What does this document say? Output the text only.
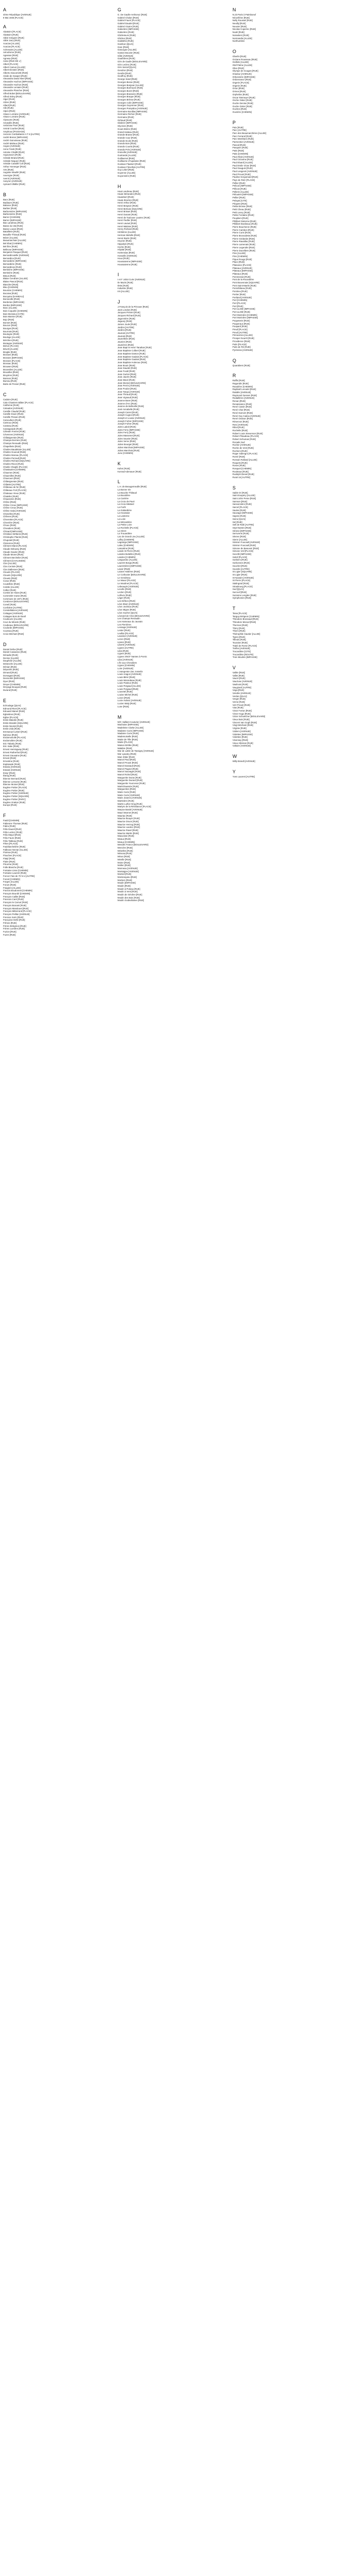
A
4ème République [AVENUE]
8 Mai 1945 [PLACE]
A
Abattoirs [PLACE]
Abattoirs [RUE]
Abbé Grégoire [RUE]
Abbé Jarry [RUE]
Acacias [ALLEE]
Acacias [PLACE]
Achenaies [ALLEE]
Aérodrome [RUE]
Agassas [RUE]
Agneau [RUE]
Aisne [RUE DE L']
Albert [PLACE]
Albert Camus [ALLEE]
Albert Einstein [RUE]
Alberto Giacometti [RUE]
Alcide de Gasperi [RUE]
Alexandra David Neel [RUE]
Alexandre Huchon [IMPASSE]
Alexandre Huchon [RUE]
Alexandre Lemaire [RUE]
Alexandre Plancher [RUE]
Alfred Bobet [BOULEVARD]
Alfred Sisley [RUE]
Alger [RUE]
Alizes [RUE]
Allard [RUE]
Alle [RUE]
Alpes [RUE]
Alsace Lorraine [AVENUE]
Alsace Lorraine [RUE]
Alyssums [RUE]
Amaryllis [RUE]
Ambroise Paré [RUE]
Amiral Courbet [RUE]
Amphoux [PASSAGE]
Anciens Combattants A F N [AUTRE]
André Breton [IMPASSE]
André Guinoiseau [RUE]
André Malraux [RUE]
Anges [AVENUE]
Anne Frank [RUE]
Antoine Chaillé [RUE]
Argouseurs [RUE]
Aristide Briand [RUE]
Aristide Neguez [RUE]
Aristide Cavaillé Coll [RUE]
Arthur Honneger [RUE]
Arts [RUE]
Auguste Mouillé [RUE]
Auvergne [RUE]
Avenir [AVENUE]
Aveyron [AVENUE]
Aymard Villaflor [RUE]
B
Bacs [RUE]
Badiaure [RUE]
Balance [RUE]
Barbier [RUE]
Barbonnière [IMPASSE]
Barbonnière [RUE]
Barrez [CHEMIN]
Barrez [IMPASSE]
Bas Landreau [RUE]
Basse du Vat [RUE]
Basse Louvie [RUE]
Bataillerie [RUE]
Beaufils-Thiraud [RUE]
Béarn [ALLEE]
Beaumarchais [ALLEE]
Bel Ebat [CHEMIN]
Bel Être [RUE]
Bellevue [IMPASSE]
Benjamin Pasquet [RUE]
Bernardinvieille [AVENUE]
Bernardino [RUE]
Bernardière [IMPASSE]
Bernardière [RUE]
Bernardines [RUE]
Bertinière [IMPASSE]
Bertinière [RUE]
Bitous [RUE]
Blaise Cendrars [ALLEE]
Blaise Pascal [RUE]
Blanchet [RUE]
Bleu [CHEMIN]
Bourdon [CHEMIN]
Bocaiva [RUE]
Bocquine [HAMEAU]
Bonneville [RUE]
Borderies [IMPASSE]
Bordes [IMPASSE]
Bosc [ALLEE]
Bois Coquelin [CHEMIN]
Bois Monsieur [CITE]
Bois Marnier [RUE]
Bojo [RUE]
Bonnet [RUE]
Boucon [RUE]
Bourges [RUE]
Bournais [RUE]
Boutogne [RUE]
Bouloge [ALLEE]
Bréchien [RUE]
Bretagne [AVENUE]
Briève [PLACE]
Brivelt [ALLEE]
Broglie [RUE]
Brosses [RUE]
Brosses [IMPASSE]
Brosses [PLACE]
Brossac [RUE]
Brouwes [RUE]
Brunetière [ALLEE]
Bruxelles [RUE]
Bruyères [RUE]
Buisson [RUE]
Bureau [RUE]
Butte de Pressé [RUE]
C
Cadoire [RUE]
Cale Chantiers Bâtier [PLACE]
Californie [RUE]
Calvados [AVENUE]
Camille Claudel [RUE]
Camille Douin [RUE]
Camille Pissaro [RUE]
Camoufiers [RUE]
Cartroux [RUE]
Casteau [RUE]
Cassagnade [RUE]
Célestin Freinet [RUE]
Cévennes [AVENUE]
Châtaigneraie [RUE]
Champs-Derriere [RUE]
Champs Renaudin [RUE]
Chapellerie [RUE]
Charles Baudelaire [ALLEE]
Charles Gounod [RUE]
Charles Moreau [PLACE]
Charles Perrault [RUE]
Charles Richard [SQUARE]
Charles Rivon [RUE]
Charlie Chaplin [PLACE]
Chastauries [CHEMIN]
Chaumes [RUE]
Chaumilles [RUE]
Chavroum [RUE]
Châteigneraie [RUE]
Châtelet [AUTRE]
Châteaux de fer [RUE]
Châteaux Fort [PLACE]
Chateaux Vieux [RUE]
Chatelier [RUE]
Chaussées [RUE]
Chêne [RUE]
Chêne Creux [IMPASSE]
Chêne Creux [RUE]
Chêne Gala [AVENUE]
Chenelles [RUE]
Chêvres [RUE]
Chevrettes [PLACE]
Chevrière [RUE]
Choux [RUE]
Chevaliers [RUE]
Chinard [IMPASSE]
Christian Stéfanini [RUE]
Christophe Plantin [RUE]
Chupoteil [RUE]
Cloisonne [RUE]
Clément Marot [PLACE]
Claude Debussy [RUE]
Claude Gaulon [RUE]
Claude Monet [RUE]
Clément Bechelier [RUE]
Clément [CHAUSSEE]
Clos [ALLEE]
Clos Cerisée [RUE]
Clos Dallesnes [RUE]
Clouets [PLACE]
Clouets [SQUARE]
Clouets [RUE]
Coeur [RUE]
Coutelbrie [RUE]
Colette [ALLEE]
Collier [RUE]
Combe de Haies [RUE]
Commelet Vuese [RUE]
Commune de 1871 [RUE]
Condorcet [BOULEVARD]
Coneil [RUE]
Confolent [AUTRE]
Constellations [AVENUE]
Cottages [AVENUE]
Cottages Bois de Reall
Couleuvre [ALLEE]
Cour du Miracle [RUE]
Coubeaux [BOULEVARD]
Coulorde [IMPASSE]
Cuvesau [RUE]
Croix Méchant [RUE]
D
Daniel Defoe [RUE]
Daniel Cassanne [RUE]
Dénadie [RUE]
Denise [ALLEE]
Dauphiné [ALLEE]
Delaroche [ALLEE]
Dénian [RUE]
Déportés [RUE]
Dirnand [RUE]
Domagant [RUE]
Desmothé [IMPASSE]
Dyve [RUE]
Dreyer [CHEMIN]
Dreyage Bouquis [RUE]
Durand [RUE]
E
Echoulage [QUAI]
Edmond Rivet [PLACE]
Edouard Manet [RUE]
Eglantines [RUE]
Eglise [PLACE]
Emile Blandin [RUE]
Emile Brandin [SQUARE]
Emile Nicolet [RUE]
Emile Zola [RUE]
Emmanuel Lebert [RUE]
Epineux [RUE]
Endomoniolle [PLACE]
Endomolière [RUE]
Eric Tabarly [RUE]
Eric Satie [RUE]
Ernest Hemingway [RUE]
Ernest Rutherford [RUE]
Ernest Gauvaine [RUE]
Ernest [RUE]
Ernestine [RUE]
Esplanade [RUE]
Estaria [AVENUE]
Estaral [AVENUE]
Essyr [RUE]
Étang [RUE]
Étienne Bernard [RUE]
Étienne Lemoine [RUE]
Étienne Moinet [RUE]
Eugène Pottier [PLACE]
Eugène Pottier [RUE]
Eugène Pottier [AVENUE]
Eugène Pottier [SQUARE]
Eugène Pottier [PARC]
Eugène Gratton [RUE]
Europe [RUE]
F
Faubl [CHEMIN]
Fabienne Thomas [RUE]
Fabru [RUE]
Félix Daurel [RUE]
Félix Leclerc [RUE]
Félix Mayol [RUE]
Félix Faure [RUE]
Félix Tableau [RUE]
Fêtes [PLACE]
Faubliarchelière [RUE]
Falbruse Nectar [ALLEE]
Florisse [RUE]
Flouches [PLACE]
Flatyl [RUE]
Flaire [RUE]
Flicorine [RUE]
Folle Blanche [RUE]
Fontaine Lisse [CHEMIN]
Fontaine Laurent [RUE]
Forcez Fais de 70 N U [AUTRE]
Forest [CHEMIN]
Forges [ALLEE]
Forum [RUE]
Fraigiere [ALLEE]
Francis Boudonnet [CHEMIN]
François Bourdé [CHEMIN]
François Caillet [RUE]
Francois Caré [RUE]
François le Carrué [RUE]
François Bonami [RUE]
François Mandouet [RUE]
François Mitterrand [PLACE]
François Peillan [AVENUE]
Fresnos Sorin [RUE]
Françoise Delle [RUE]
Frênes [RUE]
Frères Briégmon [RUE]
Frères Lumière [RUE]
Fuzion [RUE]
Fuzes [RUE]
G
G. De Gaulle-Anthonoz [RUE]
Gabriel Chalon [RUE]
Gabriel Fauré [PLACE]
Gabriel Daudet [RUE]
Gabriel Vicaire [RUE]
Gaborière [IMPASSE]
Gaborière [RUE]
Gâcheteurs [RUE]
Gâches [RUE]
Gailebihe [RUE]
Gambon [QUAI]
Gare [RUE]
Gascogne [ALLEE]
Gaston Bouvier [RUE]
Gâte [AVENUE]
Gauthières [RUE]
Gén de Gaulle [BOULEVARD]
Gén Leclerc [RUE]
Gén Sarrail [QUAI]
Gendron [RUE]
Genêts [RUE]
Geoffroy [RUE]
George Sand [RUE]
Georges Besse [RUE]
Georges Bonjean [ALLEE]
Georges Bonhoure [RUE]
Georges Bozet [RUE]
Georges Brassens [RUE]
Georges Braque [RUE]
Georges Brésse [RUE]
Georges Colin [IMPASSE]
Georges Guynemer [RUE]
Georges Pompidou [AVENUE]
Germaine Bonillas [IMPASSE]
Germaine Richier [RUE]
Germaine [RUE]
Girbaud [RUE]
Glabrier [IMPASSE]
Glycines [RUE]
Gouin-Brière [RUE]
Grand Haiteau [RUE]
Grande Brasse [RUE]
Grande Cour [RUE]
Grande Ecole [RUE]
Grands Bois [RUE]
Grands Courtis [RUE]
Grands Prés [AVENUE]
Granville [AVENUE]
Guérande [ALLEE]
Guillaumot [RUE]
Guillaume d'Aquitaine [RUE]
Gustave Flaubert [RUE]
Gustave Fièvellois [AUTRE]
Guy Lebel [RUE]
Guyenne [ALLEE]
Guyonnière [RUE]
H
Haut Landreau [RUE]
Haute Mérandes [RUE]
Hautebert [RUE]
Haute Bruères [RUE]
Henri Arthur [RUE]
Henri Bergson [RUE]
Henri Bertuse [SQUARE]
Henri Brisset [RUE]
Henri Dunant [RUE]
Henri de Toulouse Lautrec [RUE]
Henri Fiedler [RUE]
Henri Lavaut [RUE]
Henri Matisse [RUE]
Henry Richard [RUE]
Héritières [ALLEE]
Herman Melville [RUE]
Hervé Bazin [RUE]
Heyzier [RUE]
Hippolyte [RUE]
Hoche [RUE]
Hôpital [RUE]
Hortensias [RUE]
Hosselle [AVENUE]
Houx [RUE]
Houssaienne [IMPASSE]
Houssaienne [RUE]
I
I et F Joliot Curie [AVENUE]
Ile Mazin [RUE]
Iletts [RUE]
Industrie [RUE]
Iris [ALLEE]
J
J.François de la Pérouse [RUE]
Jack London [RUE]
Jacques Prévert [RUE]
Jacques Richard [RUE]
Jagonnière [RUE]
Jaguary [RUE]
James Joule [RUE]
Jardins [AUTRE]
Jardins [RUE]
Jaunais [AUTRE]
Jaunais [RUE]
Jaunellerie [RUE]
Jaunies [RUE]
Jauniéres [RUE]
Jean Bapt et Henri Tanahan [RUE]
Jean Baptiste Colbert [RUE]
Jean Baptiste Danton [RUE]
Jean Baptiste Gaulais [PLACE]
Jean Baptiste Gaulais [RUE]
Jean Baptiste Huleroux [RUE]
Jean Bouin [RUE]
Jean Daudet [RUE]
Jean Fould [RUE]
Jean Guéret [RUE]
Jean Jaurès [RUE]
Jean Macé [RUE]
Jean Monnet [BOULEVARD]
Jean Perrin [AVENUE]
Jean Poulon [RUE]
Jean Tarqui [AVENUE]
Jean Thiraud [RUE]
Jean Vignaud [RUE]
Jeanne Baret [RUE]
Jeanne d'Arc [RUE]
Jeanne de Belleville [RUE]
José Annabelle [RUE]
Joseph Carret [RUE]
Joseph Cugnot [RUE]
Joseph et Louise [AVENUE]
Joseph Fuhrer [IMPASSE]
Joseph Fuhrer [RUE]
Jules Ladoit [RUE]
Jules Ferry [IMPASSE]
Jules Ferry [RUE]
Jules Massenet [RUE]
Jules Sauvier [RUE]
Jules Verne [RUE]
Julien Bourget [RUE]
Julien Marchais [IMPASSE]
Julien Marchais [RUE]
Juno [CHEMIN]
K
Kahm [RUE]
Konrad Adenauer [RUE]
L
L.H. de Beaugerneuille [RUE]
La Bonne Vie
La Bouche Thibaud
La Bourdière
La Carrière
La Croix de Pavé
La Croix Médard
La Forêt
La Gabardière
La Houssaie
La Lanterne
La Loire
La Ménardière
La Petite Loire
La Rochelle [PLACE]
La Sèvre
La Trouardière
Lac de Grand Lieu [ALLEE]
Lafloy [CHEMIN]
Lagrange [IMPASSE]
Laleu [CHEMIN]
Lamartine [RUE]
Lande St Pierre [RUE]
Landes Buttelles [RUE]
Landes [CHEMIN]
Languedoc [ALLEE]
Laurent Borga [RUE]
Laurentières [IMPASSE]
Lavoir [RUE]
Lazare Haberes [RUE]
Le Corbusier [BOULEVARD]
Le Gendreau
Le Mauvi [PLACE]
Le Moulinet [PLACE]
Lebeaupin [AVENUE]
Lecolle [RUE]
Leclerc [RUE]
Lefèvre [RUE]
Léger [RUE]
Les Défees [RUE]
Léon Blum [AVENUE]
Léon Jouhaux [RUE]
Léon Migne [RUE]
Léon Sucher [QUAI]
Léonard de Vinci [BOULEVARD]
Les Champs Renaudin
Les Hameaux du Jaunais
Les Pierrières
Lessage [AVENUE]
Lester [RUE]
Leulliot [PLACE]
Lavoisier [AVENUE]
Lezon [RUE]
Lianes [RUE]
Liberté [AVENUE]
Lignes [AUTRE]
Lilas [RUE]
Lignes [RUE]
Lignes SNCF Nantes à Pornic
Lilas [AVENUE]
L'Île aux Chevaliers
Lignes [CHEMIN]
Loire [AVENUE]
L'orangeraie Zac Josselin
Louis Aragon [AVENUE]
Louis Bléré [RUE]
Louis Morandeau [RUE]
Louis Pasteur [RUE]
Louis Pergaud [ALLEE]
Louis Pergaud [RUE]
Louvetel [RUE]
Louise Michel [RUE]
Lozon [RUE]
Lucie Aubrac [AVENUE]
Lucien Maly [RUE]
Lune [RUE]
M
M/C Vaillant Couturier [AVENUE]
Machaine [IMPASSE]
Madeleine Clarke [ALLEE]
Madame Curie [IMPASSE]
Madame Curie [RUE]
Mademoiselle [RUE]
Mairie de Tille [RUE]
Mairie [PLACE]
Maison Brûlée [RUE]
Malabre [RUE]
Mar de Lattre de Tassigny [AVENUE]
Mar Lyautey [RUE]
Marc Elder [RUE]
Marcel Paul [RUE]
Marcel Proust [RUE]
Marcel Dassault [RUE]
Marcel Pagnol [RUE]
Marcel Sauvaget [RUE]
Marcel Rohrd [RUE]
Marguerite Duras [RUE]
Marguerite Durand [RUE]
Marguerite Yourcenar [RUE]
Maréchaussée [RUE]
Marguerites [RUE]
Marie Curie [RUE]
Marie Curie [AVENUE]
Marie Jeanne [AVENUE]
Martinière [RUE]
Martin Luther King [RUE]
Martyrs de la Résistance [PLACE]
Maryse Bastié [AVENUE]
Mauri Monnet [RUE]
Mauriac [RUE]
Maurice Bouyer [RUE]
Maurice Druon [RUE]
Maurice Herzog [RUE]
Maurice Lautrec [RUE]
Maurice Ravel [RUE]
Maurice Martin [RUE]
Mauvoisie [RUE]
Meaux [RUE]
Meaux [CHEMIN]
Mendès France [BOULEVARD]
Mercière [RUE]
Méselles [RUE]
Mimosa [RUE]
Minos [RUE]
Mireille [RUE]
Moine [RUE]
Mollen [RUE]
Monneau [AVENUE]
Montaigne [AVENUE]
Monteil [RUE]
Montesquieu [RUE]
Mortiers [RUE]
Moulin [IMPASSE]
Moulin [RUE]
Moulin à Poteau [RUE]
Moulin à Vent [RUE]
Moulin de Gévière [RUE]
Moulin des Bois [RUE]
Moulin Godevilaines [RUE]
N
N.23 Paris à Paimboeuf
Néozélène [RUE]
Nelly Roussel [RUE]
Neuilly [RUE]
Neuvier [RUE]
Nicolas Copernic [RUE]
Noah [RUE]
Noisetiers [RUE]
Normandie [ALLEE]
Northumbrie
O
Oberlin [RUE]
Océane Rousseau [RUE]
Oeillets [ALLEE]
Olaf Palme [ALLEE]
Olive [RUE]
Olympe de Gouges [RUE]
Oradour [AVENUE]
Orbonnière [IMPASSE]
Ordonnance [RUE]
Orgerie [PLACE]
Orgerie [RUE]
Orion [RUE]
Ormes [RUE]
Orphelins [RUE]
Oscar Niemeyer [RUE]
Osche Ostier [RUE]
Ouche Denise [RUE]
Ouche Ostier [RUE]
Ouches [RUE]
Ouvrière [CHEMIN]
P
Paix [RUE]
Parc [AUTRE]
Parc des Beaumarchères [ALLEE]
Parc Ferrand [RUE]
Parc Menthare [RUE]
Parmentier [AVENUE]
Pascal [RUE]
Pasquier [RUE]
Patis [RUE]
Patis [CHEMIN]
Paul Allain [AVENUE]
Paul Cézanne [RUE]
Paul Eluard [ALLEE]
Paul Emile Victor [RUE]
Paul Gauguin [RUE]
Paul Langevin [AVENUE]
Paul Proust [RUE]
Pauline Kergomard [RUE]
Pays de Retz [PLACE]
Pellier [RUE]
Pelican [IMPASSE]
Pélican [RUE]
Pellerin [ALLEE]
Pélouées [IMPASSE]
Pellier [RUE]
Pelayat [CITE]
Péquets [RUE]
Petite Brosse [RUE]
Petit Cheau [RUE]
Petit Lancy [RUE]
Petite Fontaine [RUE]
Peupliers [RUE]
Philibert Delorme [RUE]
Philibert Bordeaux [RUE]
Pierre Boucheron [RUE]
Pierre Cambon [RUE]
Pierre Curie [RUE]
Pierre Brossolette [RUE]
Pierre Girdardot [RUE]
Pierre Ravaillac [RUE]
Pierre Lamenais [RUE]
Pierre Legendre [RUE]
Pierre Ducelliers [RUE]
Pins [ALLEE]
Pins [CHEMIN]
Pique Rouge [RUE]
Place [RUE]
Plaisance [PLACE]
Plateaux [AVENUE]
Plateaux [IMPASSE]
Plateaux [RUE]
Pommeraie [RUE]
Pont de la Rocardière
Pont Bouesnaie [SQUARE]
Pont Saint-Martin [RUE]
Pontchâteau [RUE]
Pontrieu [RUE]
Portier [RUE]
Portland [AVENUE]
Port [CHEMIN]
Port [PLACE]
Port [RUE]
Port au Blé [IMPASSE]
Port au Blé [RUE]
Port Morinière [CHEMIN]
Port Morinière [IMPASSE]
Poqueterie [RUE]
Poqueraux [RUE]
Poupard [RUE]
Preuil [PLACE]
Preuil [AUTRE]
Primevères [ALLEE]
Prosper Nourrit [RUE]
Providence [RUE]
Puits [PLACE]
Puits de Ré [RUE]
Pyrénées [AVENUE]
Q
Quarabiers [RUE]
R
Raffin [RUE]
Ragondin [RUE]
Raoulière [CHEMIN]
Raphaël Leroulet [RUE]
Ratidés [AVENUE]
Raymond Gessen [RUE]
Redaillères [AVENUE]
Renan [RUE]
Renaissance [RUE]
René Cassin [RUE]
René Char [RUE]
René Dumont [RUE]
René Guy Cadou [AVENUE]
René Oraison [RUE]
Réservoir [RUE]
Retz [AVENUE]
Ribot [RUE]
Rochelle [RUE]
Robert Louis Stevenson [RUE]
Robert Pitaudeau [PLACE]
Robert Schuman [RUE]
Rocade Sud
Rocher [AVENUE]
Roche de Vent [RUE]
Rochers [RUE]
Roger Salengro [PLACE]
Romé [RUE]
Romain Rolland [ALLEE]
Roquets [RUE]
Roses [RUE]
Rosquet [CHEMIN]
Rouleaux [RUE]
Rudolph Diesel [RUE]
Rural 16 [AUTRE]
S
Sable Or [RUE]
Saint Exupéry [ALLEE]
Saint John Perse [RUE]
Samson [RUE]
Sansonnière [RUE]
Sarcel [PLACE]
Saules [RUE]
Sauvage [IMPASSE]
Sapins [RUE]
Seine [QUAI]
Sel [RUE]
Sell de Ralé [AUTRE]
Sept Nantes [RUE]
Sérane [IMPASSE]
Serrurerie [RUE]
Sèvres [RUE]
Sierre [ALLEE]
Siméon Foucault [AVENUE]
Siméon Foucault [RUE]
Simone de Beauvoir [RUE]
Simone Veil [PLACE]
Socellé [IMPASSE]
Soleil [PLACE]
Sorbiers [RUE]
Sorbonnes [RUE]
Souchet [RUE]
Sourdis [AUTRE]
St Ligier [SQUARE]
St Ligier [RUE]
St Nazaire [AVENUE]
St Pierre [PLACE]
Stalingrad [RUE]
Strasbourg [PLACE]
Sud [QUAI]
Surcouf [RUE]
Suzanne Lenglen [RUE]
Symphonies [RUE]
T
Taïva [PLACE]
Tanguy Brégeon [CHEMIN]
Théodore Brossaud [RUE]
Théodore Monod [RUE]
Thermes [RUE]
Théry [RUE]
Thiers [RUE]
Thiérophile Gautier [ALLEE]
Tigres [RUE]
Tilleuls [RUE]
Touraine [RUE]
Traité de Rome [PLACE]
Trefles [AVENUE]
Trocardière [CITE]
Trocardière [ROUTE]
Trois Moulins [IMPASSE]
V
Vallée [RUE]
Vallet [RUE]
Vauzé [RUE]
Vaucluse [AVENUE]
Vaulinois [RUE]
Vaugirard [AUTRE]
Vega [RUE]
Vendée [AVENUE]
Verdun [QUAI]
Verger [RUE]
Verne [RUE]
Vert Proust [RUE]
Vias [RUE]
Victor Fortun [RUE]
Victor Hugo [RUE]
Victor Schoelcher [BOULEVARD]
Vieux Bois [RUE]
Vincent Van Gogh [RUE]
Vingt Méchant [RUE]
Virginie [RUE]
Violiers [AVENUE]
Violettes [IMPASSE]
Violettes [RUE]
Visonnay [RUE]
Vieux Alleman [RUE]
Voltaire [AVENUE]
W
Willy Brandt [AVENUE]
Y
Yves Laurent [AUTRE]
